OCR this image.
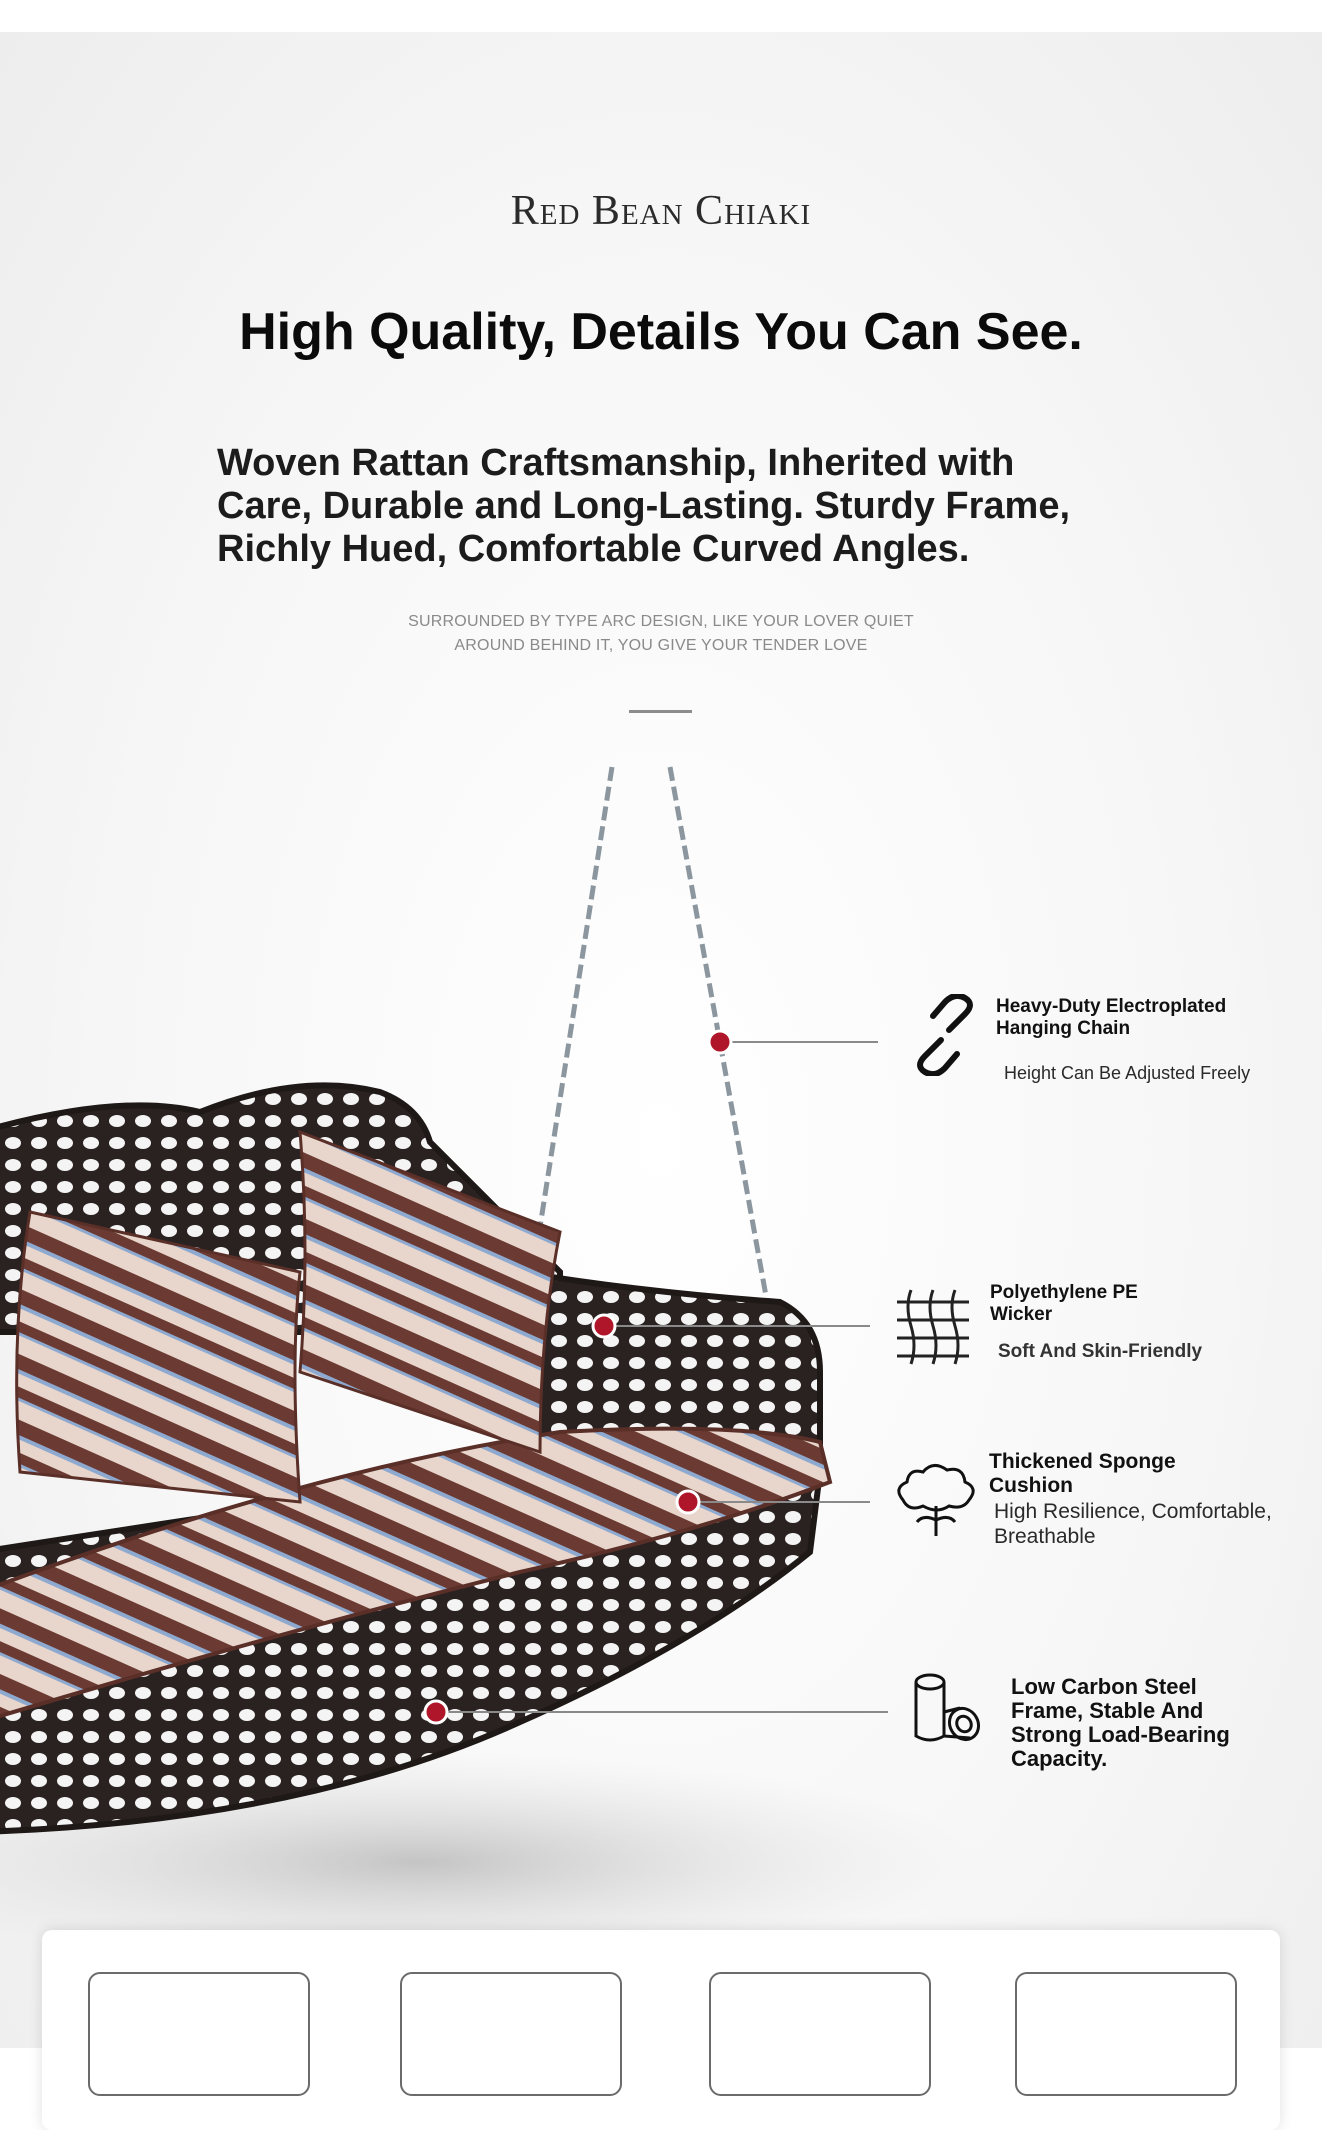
Red Bean Chiaki
High Quality, Details You Can See.
Woven Rattan Craftsmanship, Inherited with Care, Durable and Long-Lasting. Sturdy Frame, Richly Hued, Comfortable Curved Angles.
SURROUNDED BY TYPE ARC DESIGN, LIKE YOUR LOVER QUIET
AROUND BEHIND IT, YOU GIVE YOUR TENDER LOVE
Heavy-Duty Electroplated
Hanging Chain
Height Can Be Adjusted Freely
Polyethylene PE
Wicker
Soft And Skin-Friendly
Thickened Sponge
Cushion
High Resilience, Comfortable,
Breathable
Low Carbon Steel
Frame, Stable And
Strong Load-Bearing
Capacity.
